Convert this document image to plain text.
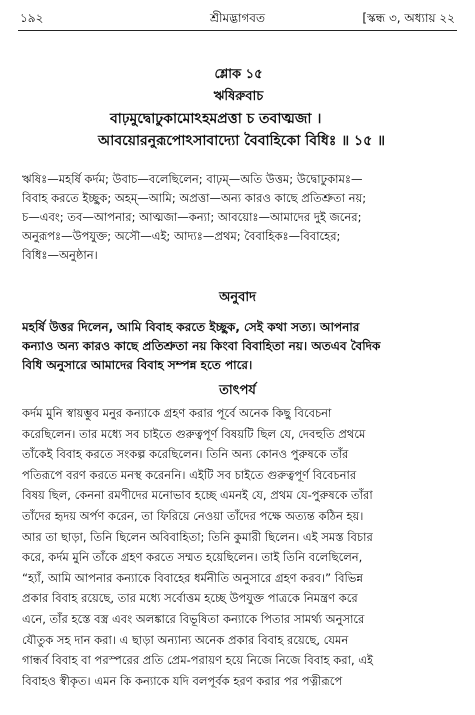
১৯২	শ্রীমদ্ভাগবত	[স্কন্ধ ৩, অধ্যায় ২২
শ্লোক ১৫
ঋষিরুবাচ
বাঢ়মুদ্বোঢুকামোঽহমপ্রত্তা চ তবাত্মজা ।
আবয়োরনুরূপোঽসাবাদ্যো বৈবাহিকো বিধিঃ ॥ ১৫ ॥
ঋষিঃ—মহর্ষি কর্দম; উবাচ—বলেছিলেন; বাঢ়ম্—অতি উত্তম; উদ্বোঢুকামঃ—
বিবাহ করতে ইচ্ছুক; অহম্—আমি; অপ্রত্তা—অন্য কারও কাছে প্রতিশ্রুতা নয়;
চ—এবং; তব—আপনার; আত্মজা—কন্যা; আবয়োঃ—আমাদের দুই জনের;
অনুরূপঃ—উপযুক্ত; অসৌ—এই; আদ্যঃ—প্রথম; বৈবাহিকঃ—বিবাহের;
বিধিঃ—অনুষ্ঠান।
অনুবাদ
মহর্ষি উত্তর দিলেন, আমি বিবাহ করতে ইচ্ছুক, সেই কথা সত্য। আপনার
কন্যাও অন্য কারও কাছে প্রতিশ্রুতা নয় কিংবা বিবাহিতা নয়। অতএব বৈদিক
বিধি অনুসারে আমাদের বিবাহ সম্পন্ন হতে পারে।
তাৎপর্য
কর্দম মুনি স্বায়ম্ভুব মনুর কন্যাকে গ্রহণ করার পূর্বে অনেক কিছু বিবেচনা
করেছিলেন। তার মধ্যে সব চাইতে গুরুত্বপূর্ণ বিষয়টি ছিল যে, দেবহুতি প্রথমে
তাঁকেই বিবাহ করতে সংকল্প করেছিলেন। তিনি অন্য কোনও পুরুষকে তাঁর
পতিরূপে বরণ করতে মনস্থ করেননি। এইটি সব চাইতে গুরুত্বপূর্ণ বিবেচনার
বিষয় ছিল, কেননা রমণীদের মনোভাব হচ্ছে এমনই যে, প্রথম যে-পুরুষকে তাঁরা
তাঁদের হৃদয় অর্পণ করেন, তা ফিরিয়ে নেওয়া তাঁদের পক্ষে অত্যন্ত কঠিন হয়।
আর তা ছাড়া, তিনি ছিলেন অবিবাহিতা; তিনি কুমারী ছিলেন। এই সমস্ত বিচার
করে, কর্দম মুনি তাঁকে গ্রহণ করতে সম্মত হয়েছিলেন। তাই তিনি বলেছিলেন,
“হ্যাঁ, আমি আপনার কন্যাকে বিবাহের ধর্মনীতি অনুসারে গ্রহণ করব।” বিভিন্ন
প্রকার বিবাহ রয়েছে, তার মধ্যে সর্বোত্তম হচ্ছে উপযুক্ত পাত্রকে নিমন্ত্রণ করে
এনে, তাঁর হস্তে বস্ত্র এবং অলঙ্কারে বিভূষিতা কন্যাকে পিতার সামর্থ্য অনুসারে
যৌতুক সহ দান করা। এ ছাড়া অন্যান্য অনেক প্রকার বিবাহ রয়েছে, যেমন
গান্ধর্ব বিবাহ বা পরস্পরের প্রতি প্রেম-পরায়ণ হয়ে নিজে নিজে বিবাহ করা, এই
বিবাহও স্বীকৃত। এমন কি কন্যাকে যদি বলপূর্বক হরণ করার পর পত্নীরূপে
